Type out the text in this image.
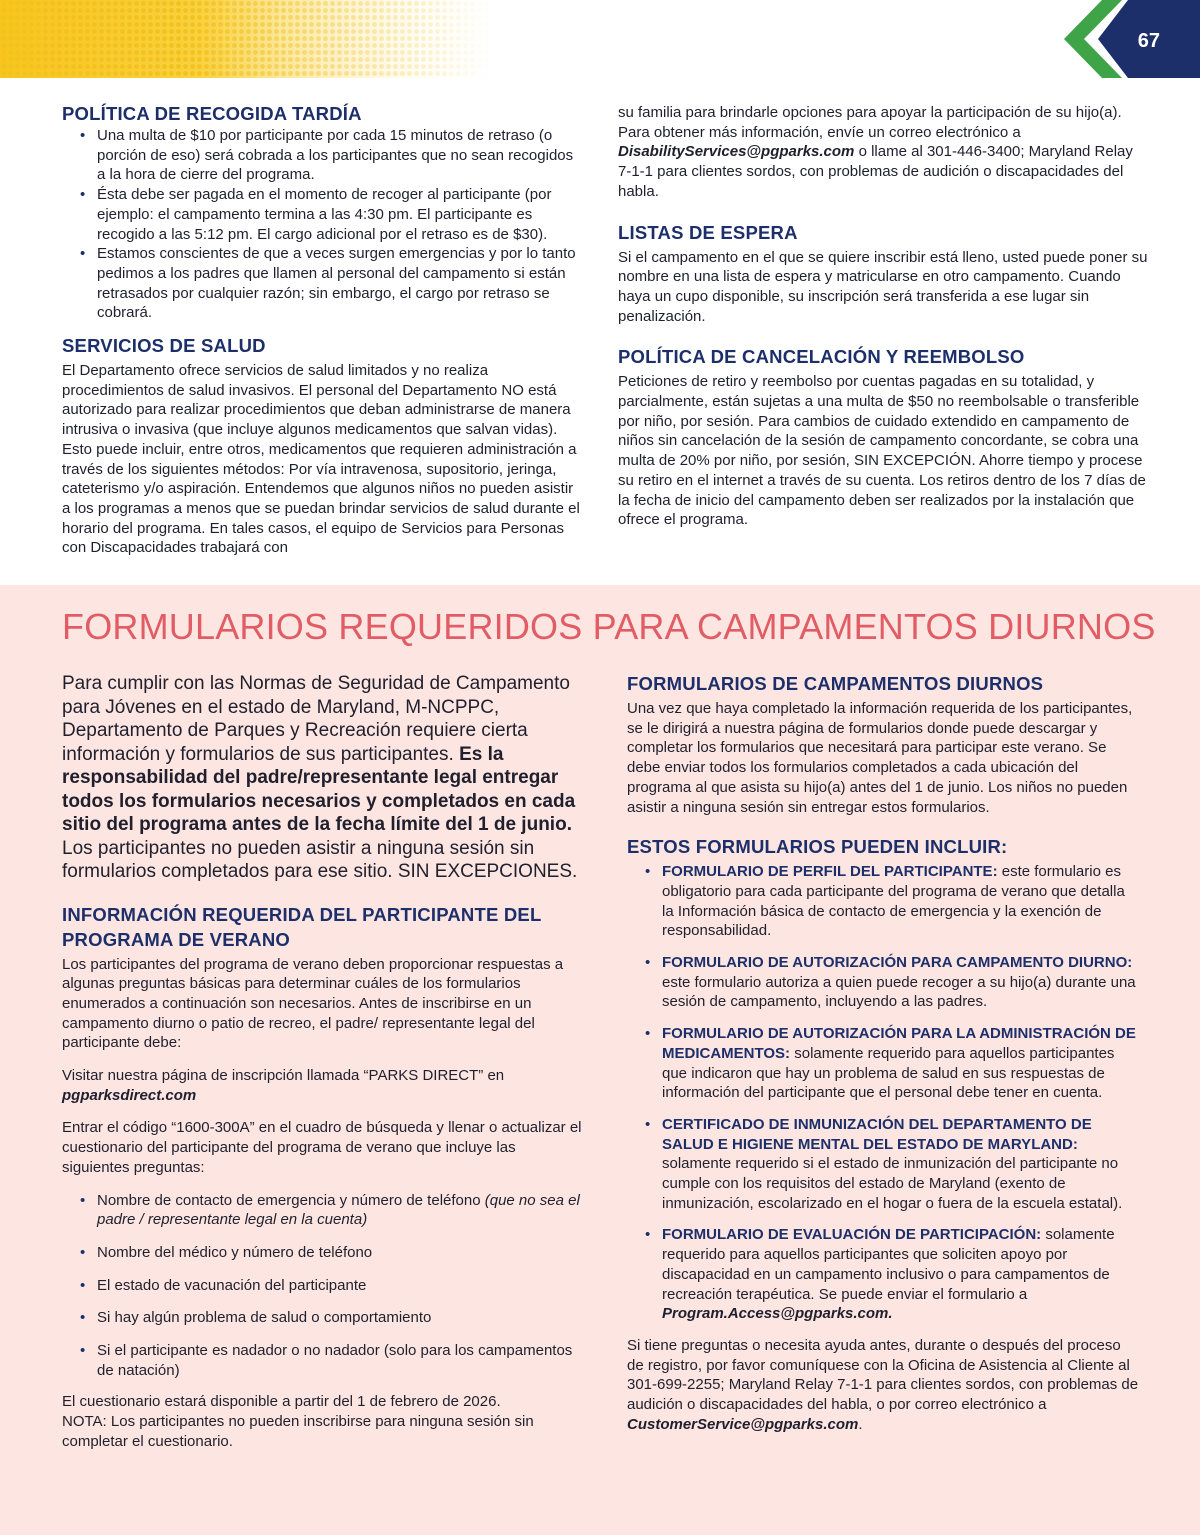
67
POLÍTICA DE RECOGIDA TARDÍA
• Una multa de $10 por participante por cada 15 minutos de retraso (o porción de eso) será cobrada a los participantes que no sean recogidos a la hora de cierre del programa.
• Ésta debe ser pagada en el momento de recoger al participante (por ejemplo: el campamento termina a las 4:30 pm. El participante es recogido a las 5:12 pm. El cargo adicional por el retraso es de $30).
• Estamos conscientes de que a veces surgen emergencias y por lo tanto pedimos a los padres que llamen al personal del campamento si están retrasados por cualquier razón; sin embargo, el cargo por retraso se cobrará.
SERVICIOS DE SALUD

El Departamento ofrece servicios de salud limitados y no realiza procedimientos de salud invasivos. El personal del Departamento NO está autorizado para realizar procedimientos que deban administrarse de manera intrusiva o invasiva (que incluye algunos medicamentos que salvan vidas). Esto puede incluir, entre otros, medicamentos que requieren administración a través de los siguientes métodos: Por vía intravenosa, supositorio, jeringa, cateterismo y/o aspiración. Entendemos que algunos niños no pueden asistir a los programas a menos que se puedan brindar servicios de salud durante el horario del programa. En tales casos, el equipo de Servicios para Personas con Discapacidades trabajará con

su familia para brindarle opciones para apoyar la participación de su hijo(a). Para obtener más información, envíe un correo electrónico a DisabilityServices@pgparks.com o llame al 301-446-3400; Maryland Relay 7-1-1 para clientes sordos, con problemas de audición o discapacidades del habla.

LISTAS DE ESPERA

Si el campamento en el que se quiere inscribir está lleno, usted puede poner su nombre en una lista de espera y matricularse en otro campamento. Cuando haya un cupo disponible, su inscripción será transferida a ese lugar sin penalización.

POLÍTICA DE CANCELACIÓN Y REEMBOLSO

Peticiones de retiro y reembolso por cuentas pagadas en su totalidad, y parcialmente, están sujetas a una multa de $50 no reembolsable o transferible por niño, por sesión. Para cambios de cuidado extendido en campamento de niños sin cancelación de la sesión de campamento concordante, se cobra una multa de 20% por niño, por sesión, SIN EXCEPCIÓN. Ahorre tiempo y procese su retiro en el internet a través de su cuenta. Los retiros dentro de los 7 días de la fecha de inicio del campamento deben ser realizados por la instalación que ofrece el programa.

FORMULARIOS REQUERIDOS PARA CAMPAMENTOS DIURNOS

Para cumplir con las Normas de Seguridad de Campamento para Jóvenes en el estado de Maryland, M-NCPPC, Departamento de Parques y Recreación requiere cierta información y formularios de sus participantes. Es la responsabilidad del padre/representante legal entregar todos los formularios necesarios y completados en cada sitio del programa antes de la fecha límite del 1 de junio. Los participantes no pueden asistir a ninguna sesión sin formularios completados para ese sitio. SIN EXCEPCIONES.

INFORMACIÓN REQUERIDA DEL PARTICIPANTE DEL PROGRAMA DE VERANO

Los participantes del programa de verano deben proporcionar respuestas a algunas preguntas básicas para determinar cuáles de los formularios enumerados a continuación son necesarios. Antes de inscribirse en un campamento diurno o patio de recreo, el padre/ representante legal del participante debe:

Visitar nuestra página de inscripción llamada “PARKS DIRECT” en
pgparksdirect.com

Entrar el código “1600-300A” en el cuadro de búsqueda y llenar o actualizar el cuestionario del participante del programa de verano que incluye las siguientes preguntas:

• Nombre de contacto de emergencia y número de teléfono (que no sea el padre / representante legal en la cuenta)
• Nombre del médico y número de teléfono
• El estado de vacunación del participante
• Si hay algún problema de salud o comportamiento
• Si el participante es nadador o no nadador (solo para los campamentos de natación)

El cuestionario estará disponible a partir del 1 de febrero de 2026.

NOTA: Los participantes no pueden inscribirse para ninguna sesión sin completar el cuestionario.

FORMULARIOS DE CAMPAMENTOS DIURNOS

Una vez que haya completado la información requerida de los participantes, se le dirigirá a nuestra página de formularios donde puede descargar y completar los formularios que necesitará para participar este verano. Se debe enviar todos los formularios completados a cada ubicación del programa al que asista su hijo(a) antes del 1 de junio. Los niños no pueden asistir a ninguna sesión sin entregar estos formularios.

ESTOS FORMULARIOS PUEDEN INCLUIR:
• FORMULARIO DE PERFIL DEL PARTICIPANTE: este formulario es obligatorio para cada participante del programa de verano que detalla la Información básica de contacto de emergencia y la exención de responsabilidad.
• FORMULARIO DE AUTORIZACIÓN PARA CAMPAMENTO DIURNO: este formulario autoriza a quien puede recoger a su hijo(a) durante una sesión de campamento, incluyendo a las padres.
• FORMULARIO DE AUTORIZACIÓN PARA LA ADMINISTRACIÓN DE MEDICAMENTOS: solamente requerido para aquellos participantes que indicaron que hay un problema de salud en sus respuestas de información del participante que el personal debe tener en cuenta.
• CERTIFICADO DE INMUNIZACIÓN DEL DEPARTAMENTO DE SALUD E HIGIENE MENTAL DEL ESTADO DE MARYLAND: solamente requerido si el estado de inmunización del participante no cumple con los requisitos del estado de Maryland (exento de inmunización, escolarizado en el hogar o fuera de la escuela estatal).
• FORMULARIO DE EVALUACIÓN DE PARTICIPACIÓN: solamente requerido para aquellos participantes que soliciten apoyo por discapacidad en un campamento inclusivo o para campamentos de recreación terapéutica. Se puede enviar el formulario a Program.Access@pgparks.com.

Si tiene preguntas o necesita ayuda antes, durante o después del proceso de registro, por favor comuníquese con la Oficina de Asistencia al Cliente al 301-699-2255; Maryland Relay 7-1-1 para clientes sordos, con problemas de audición o discapacidades del habla, o por correo electrónico a CustomerService@pgparks.com.
